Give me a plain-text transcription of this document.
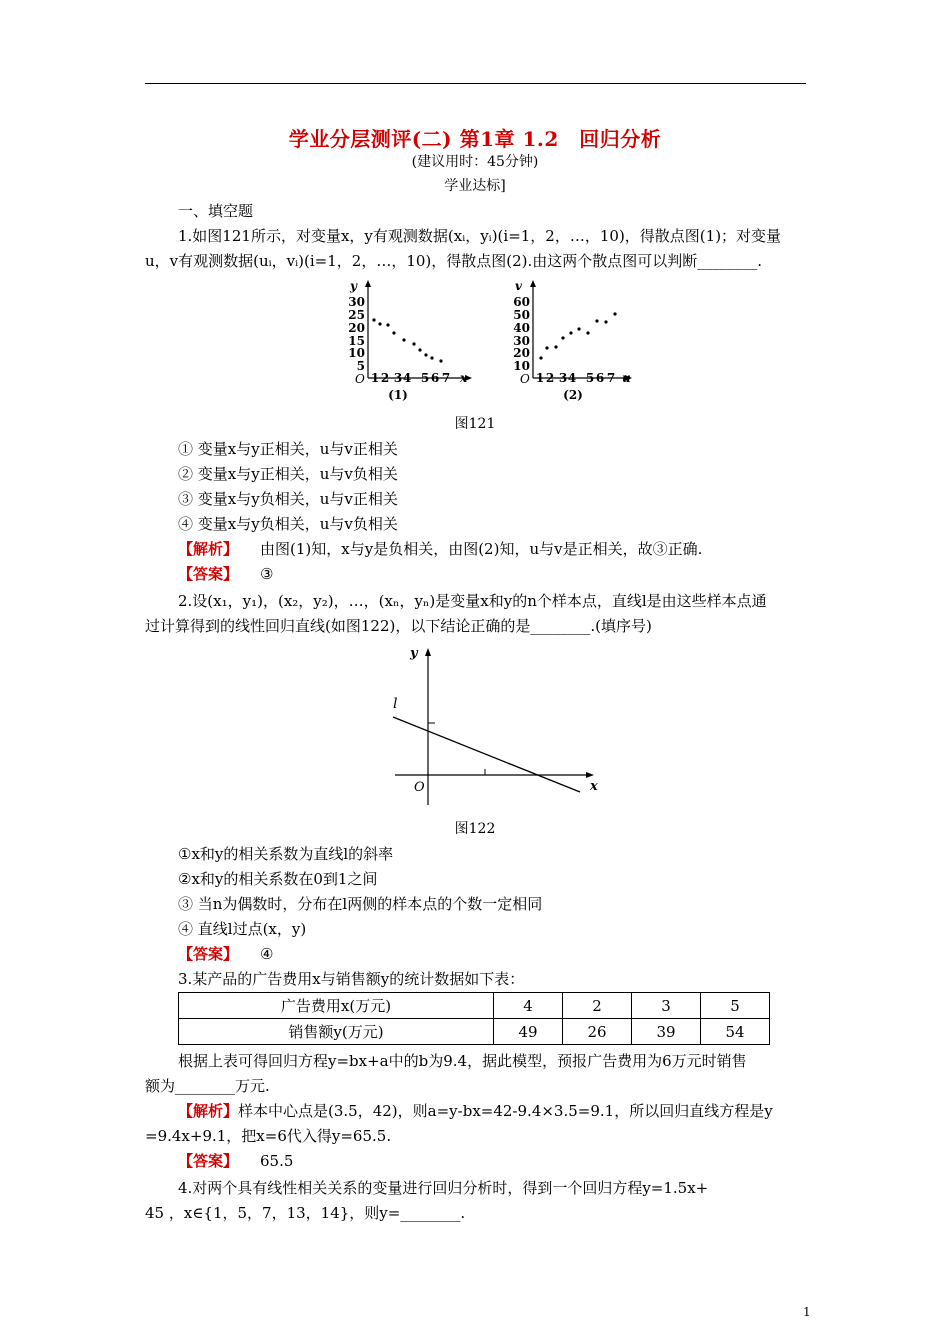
学业分层测评(二) 第1章 1.2　回归分析
(建议用时：45分钟)
学业达标]
一、填空题
1.如图121所示，对变量x，y有观测数据(xᵢ，yᵢ)(i=1，2，…，10)，得散点图(1)；对变量
u，v有观测数据(uᵢ，vᵢ)(i=1，2，…，10)，得散点图(2).由这两个散点图可以判断________.
y
x
O
30
25
20
15
10
5
1 2 3 4 5 6 7
(1)
v
u
O
60
50
40
30
20
10
1 2 3 4 5 6 7
(2)
图121
① 变量x与y正相关，u与v正相关
② 变量x与y正相关，u与v负相关
③ 变量x与y负相关，u与v正相关
④ 变量x与y负相关，u与v负相关
【解析】 由图(1)知，x与y是负相关，由图(2)知，u与v是正相关，故③正确.
【答案】 ③
2.设(x₁，y₁)，(x₂，y₂)，…，(xₙ，yₙ)是变量x和y的n个样本点，直线l是由这些样本点通
过计算得到的线性回归直线(如图122)，以下结论正确的是________.(填序号)
y
x
O
l
图122
①x和y的相关系数为直线l的斜率
②x和y的相关系数在0到1之间
③ 当n为偶数时，分布在l两侧的样本点的个数一定相同
④ 直线l过点(x，y)
【答案】 ④
3.某产品的广告费用x与销售额y的统计数据如下表：
广告费用x(万元)	4	2	3	5
销售额y(万元)	49	26	39	54
根据上表可得回归方程y=bx+a中的b为9.4，据此模型，预报广告费用为6万元时销售
额为________万元.
【解析】样本中心点是(3.5，42)，则a=y-bx=42-9.4×3.5=9.1，所以回归直线方程是y
=9.4x+9.1，把x=6代入得y=65.5.
【答案】 65.5
4.对两个具有线性相关关系的变量进行回归分析时，得到一个回归方程y=1.5x+
45 ，x∈{1，5，7，13，14}，则y=________.
1
